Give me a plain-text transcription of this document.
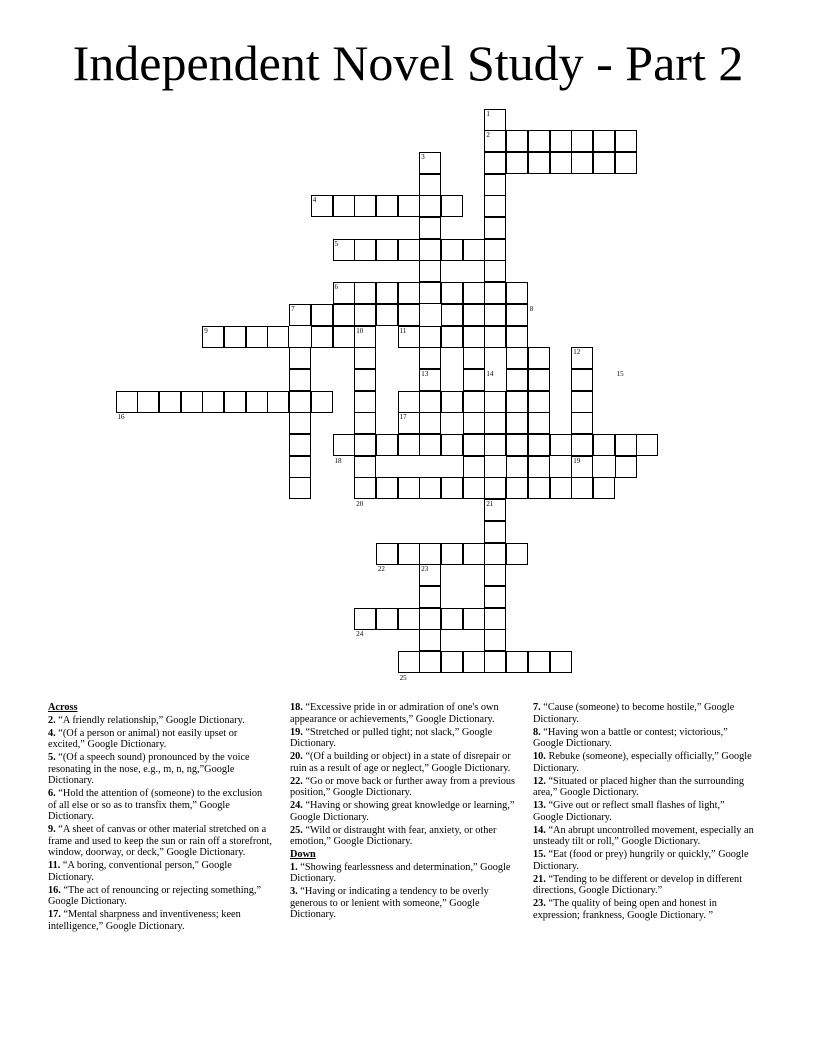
Independent Novel Study - Part 2
1
2
3
4
5
6
7	8
9	10	11
12
13	14	15
16	17
18	19
20	21
22	23
24
25
Across
2. “A friendly relationship,” Google Dictionary.
4. “(Of a person or animal) not easily upset or excited,” Google Dictionary.
5. “(Of a speech sound) pronounced by the voice resonating in the nose, e.g., m, n, ng,”Google Dictionary.
6. “Hold the attention of (someone) to the exclusion of all else or so as to transfix them,” Google Dictionary.
9. “A sheet of canvas or other material stretched on a frame and used to keep the sun or rain off a storefront, window, doorway, or deck,” Google Dictionary.
11. “A boring, conventional person," Google Dictionary.
16. “The act of renouncing or rejecting something,” Google Dictionary.
17. “Mental sharpness and inventiveness; keen intelligence,” Google Dictionary.
18. “Excessive pride in or admiration of one's own appearance or achievements,” Google Dictionary.
19. “Stretched or pulled tight; not slack,” Google Dictionary.
20. “(Of a building or object) in a state of disrepair or ruin as a result of age or neglect,” Google Dictionary.
22. “Go or move back or further away from a previous position,” Google Dictionary.
24. “Having or showing great knowledge or learning,” Google Dictionary.
25. “Wild or distraught with fear, anxiety, or other emotion,” Google Dictionary.
Down
1. “Showing fearlessness and determination,” Google Dictionary.
3. “Having or indicating a tendency to be overly generous to or lenient with someone,” Google Dictionary.
7. “Cause (someone) to become hostile,” Google Dictionary.
8. “Having won a battle or contest; victorious,” Google Dictionary.
10. Rebuke (someone), especially officially,” Google Dictionary.
12. “Situated or placed higher than the surrounding area,” Google Dictionary.
13. “Give out or reflect small flashes of light,” Google Dictionary.
14. “An abrupt uncontrolled movement, especially an unsteady tilt or roll,” Google Dictionary.
15. “Eat (food or prey) hungrily or quickly,” Google Dictionary.
21. “Tending to be different or develop in different directions, Google Dictionary.”
23. “The quality of being open and honest in expression; frankness, Google Dictionary. ”
